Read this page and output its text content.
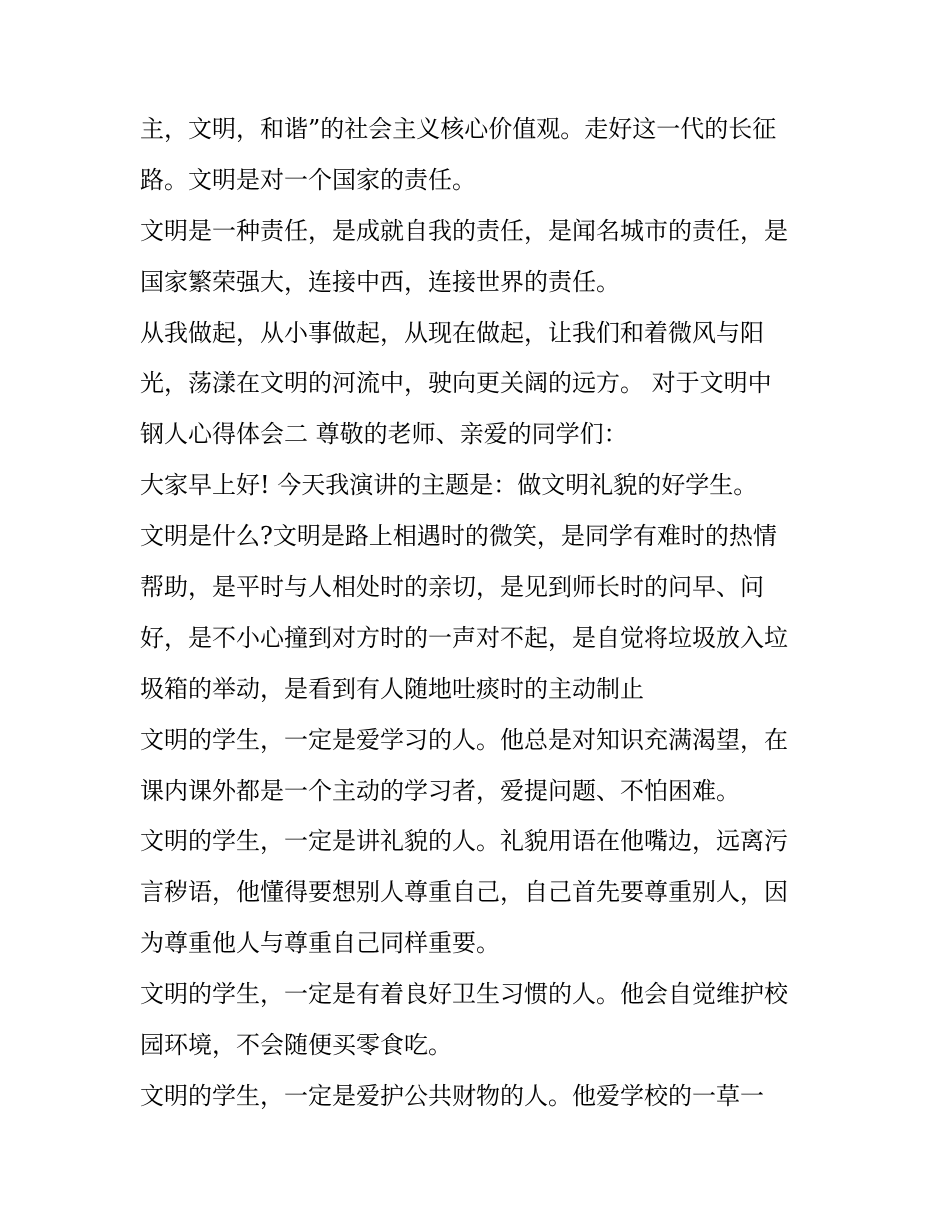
主，文明，和谐”的社会主义核心价值观。走好这一代的长征
路。文明是对一个国家的责任。
文明是一种责任，是成就自我的责任，是闻名城市的责任，是
国家繁荣强大，连接中西，连接世界的责任。
从我做起，从小事做起，从现在做起，让我们和着微风与阳
光，荡漾在文明的河流中，驶向更关阔的远方。 对于文明中
钢人心得体会二 尊敬的老师、亲爱的同学们：
大家早上好! 今天我演讲的主题是：做文明礼貌的好学生。
文明是什么?文明是路上相遇时的微笑，是同学有难时的热情
帮助，是平时与人相处时的亲切，是见到师长时的问早、问
好，是不小心撞到对方时的一声对不起，是自觉将垃圾放入垃
圾箱的举动，是看到有人随地吐痰时的主动制止
文明的学生，一定是爱学习的人。他总是对知识充满渴望，在
课内课外都是一个主动的学习者，爱提问题、不怕困难。
文明的学生，一定是讲礼貌的人。礼貌用语在他嘴边，远离污
言秽语，他懂得要想别人尊重自己，自己首先要尊重别人，因
为尊重他人与尊重自己同样重要。
文明的学生，一定是有着良好卫生习惯的人。他会自觉维护校
园环境，不会随便买零食吃。
文明的学生，一定是爱护公共财物的人。他爱学校的一草一
